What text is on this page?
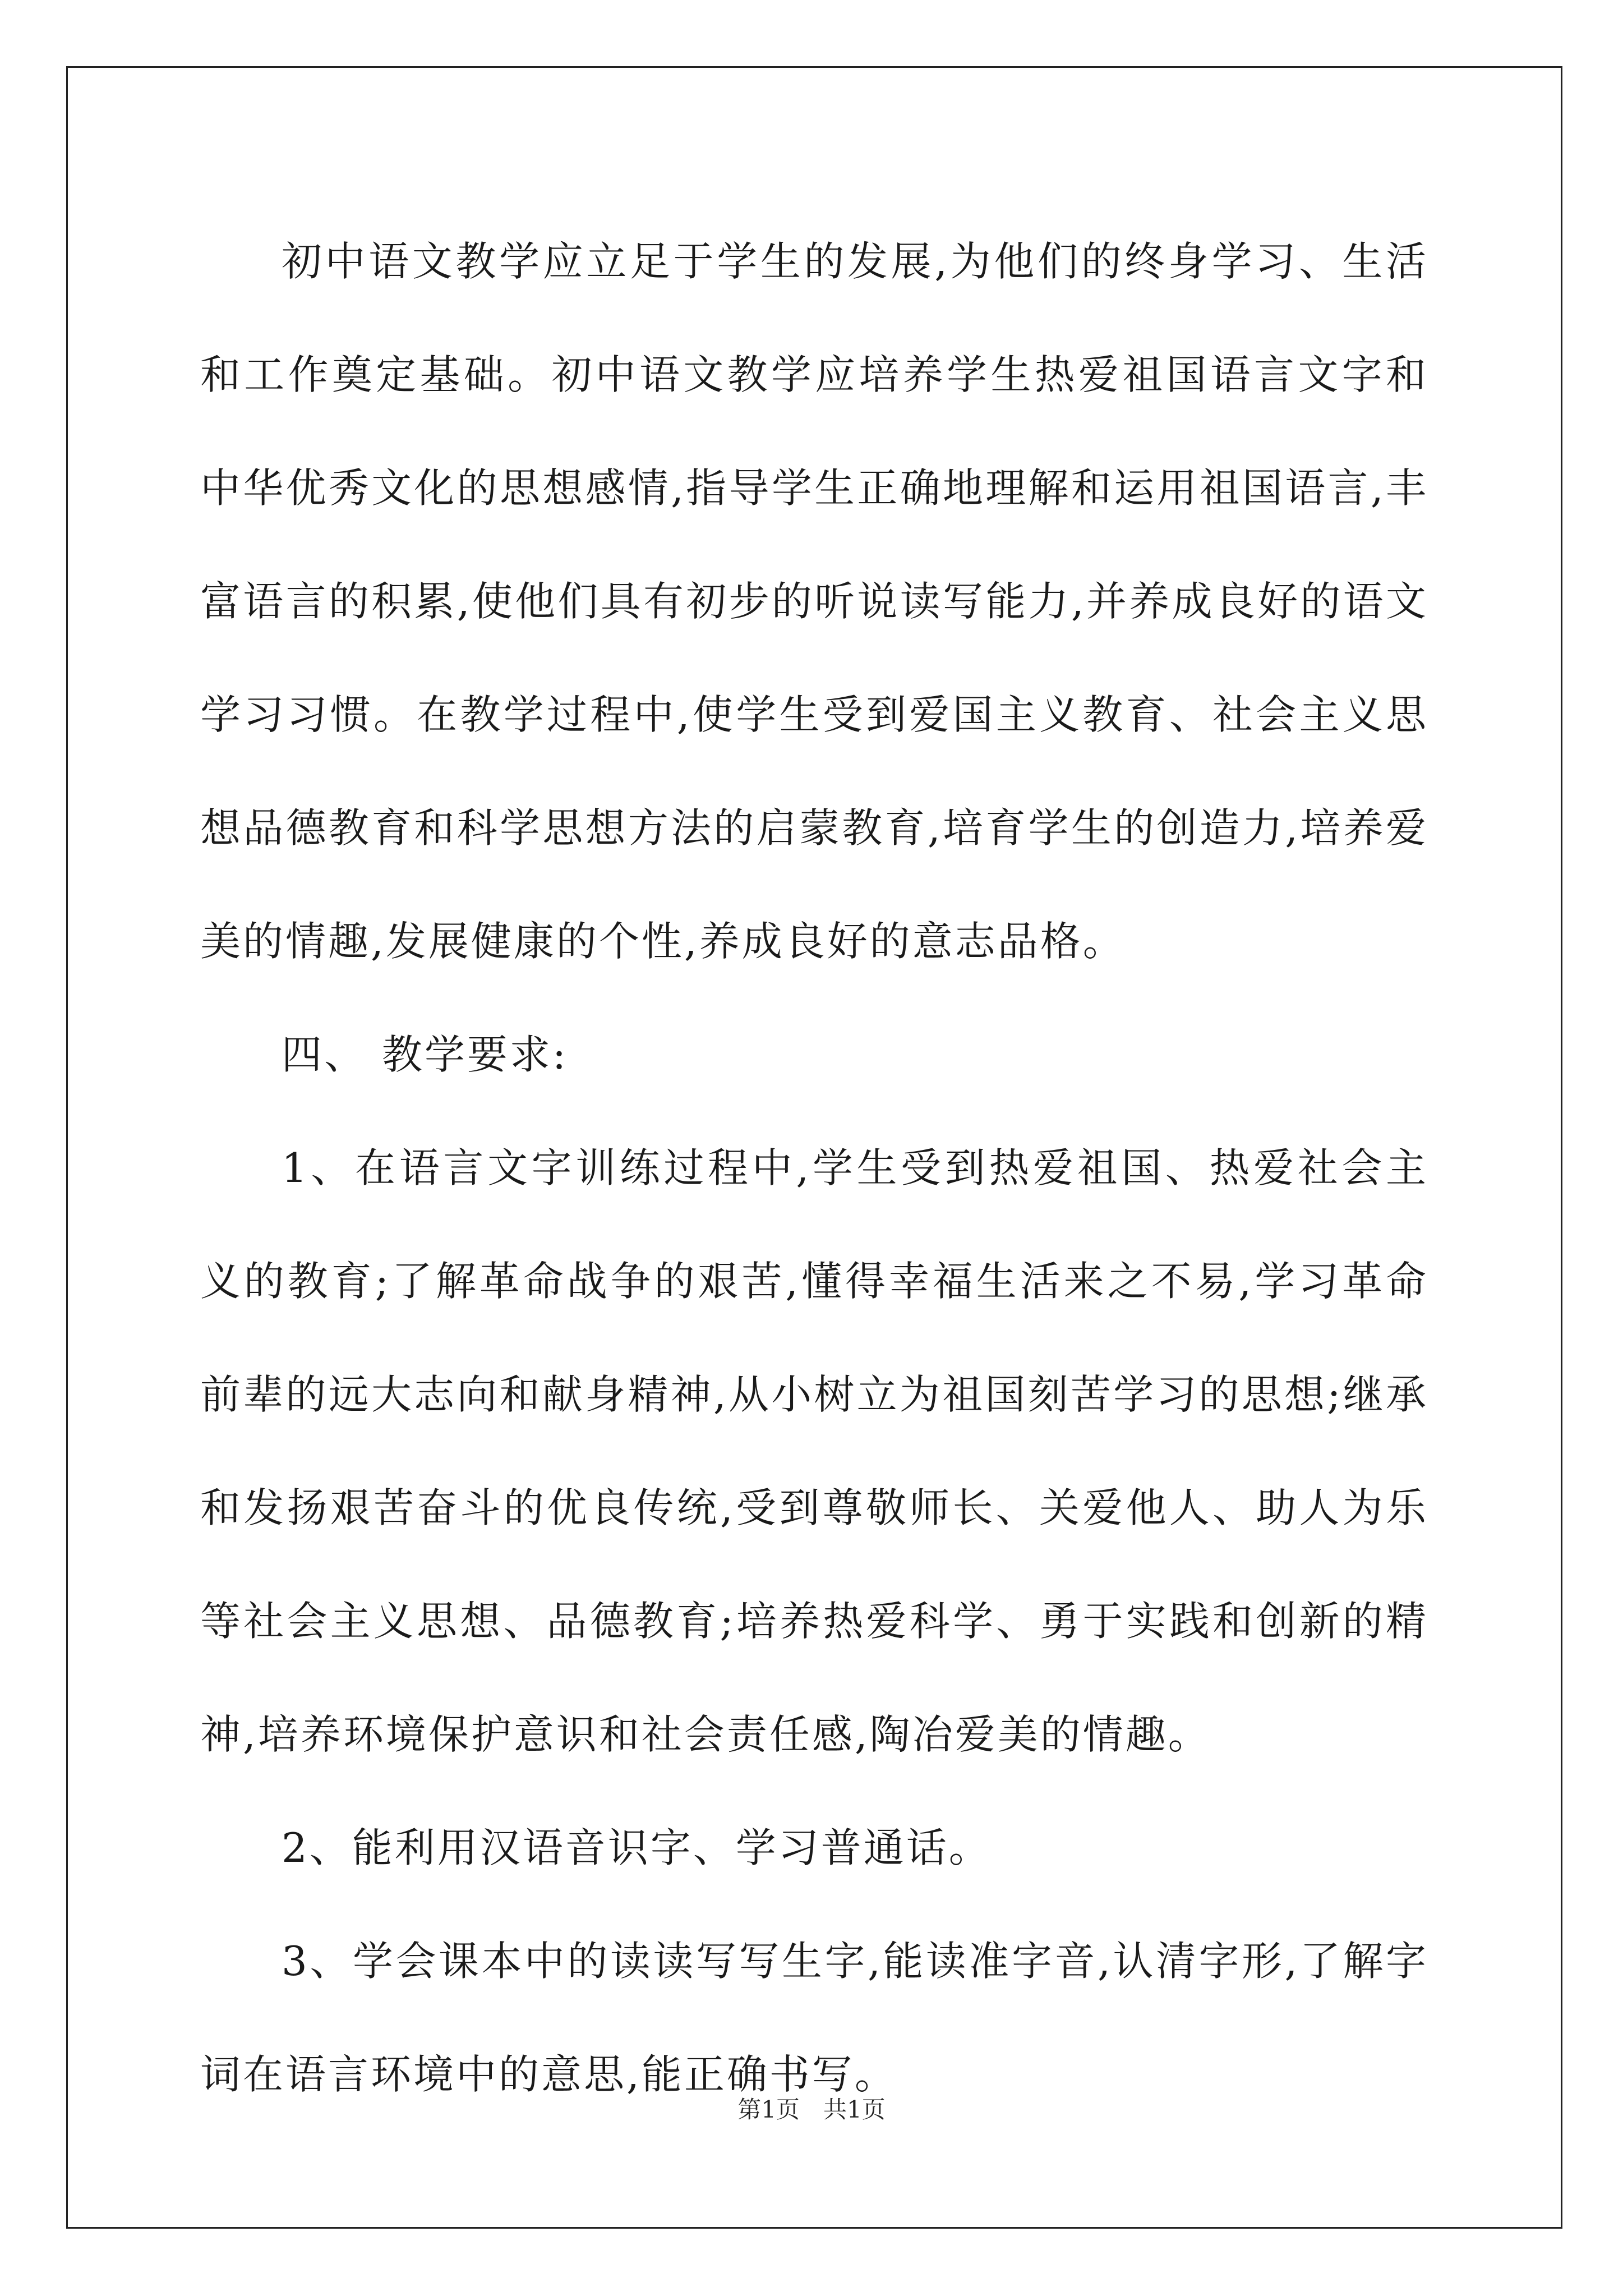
初中语文教学应立足于学生的发展,为他们的终身学习、生活和工作奠定基础。初中语文教学应培养学生热爱祖国语言文字和中华优秀文化的思想感情,指导学生正确地理解和运用祖国语言,丰富语言的积累,使他们具有初步的听说读写能力,并养成良好的语文学习习惯。在教学过程中,使学生受到爱国主义教育、社会主义思想品德教育和科学思想方法的启蒙教育,培育学生的创造力,培养爱美的情趣,发展健康的个性,养成良好的意志品格。

四、 教学要求:

1、在语言文字训练过程中,学生受到热爱祖国、热爱社会主义的教育;了解革命战争的艰苦,懂得幸福生活来之不易,学习革命前辈的远大志向和献身精神,从小树立为祖国刻苦学习的思想;继承和发扬艰苦奋斗的优良传统,受到尊敬师长、关爱他人、助人为乐等社会主义思想、品德教育;培养热爱科学、勇于实践和创新的精神,培养环境保护意识和社会责任感,陶冶爱美的情趣。

2、能利用汉语音识字、学习普通话。

3、学会课本中的读读写写生字,能读准字音,认清字形,了解字词在语言环境中的意思,能正确书写。

第1页 共1页
